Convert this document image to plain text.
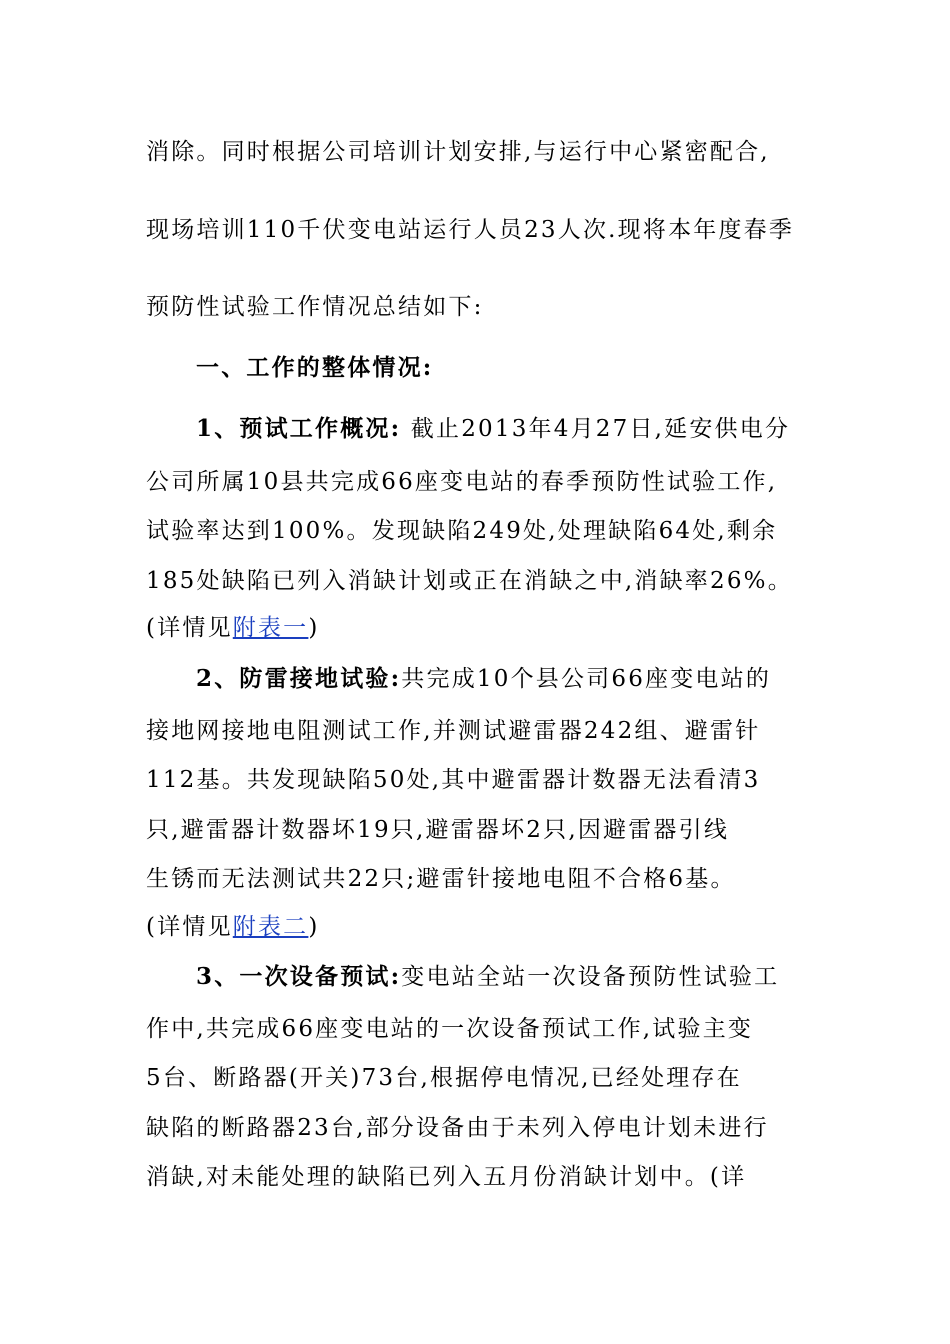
消除。同时根据公司培训计划安排,与运行中心紧密配合,
现场培训110千伏变电站运行人员23人次.现将本年度春季
预防性试验工作情况总结如下:
一、工作的整体情况:
1、预试工作概况: 截止2013年4月27日,延安供电分
公司所属10县共完成66座变电站的春季预防性试验工作,
试验率达到100%。发现缺陷249处,处理缺陷64处,剩余
185处缺陷已列入消缺计划或正在消缺之中,消缺率26%。
(详情见附表一)
2、防雷接地试验:共完成10个县公司66座变电站的
接地网接地电阻测试工作,并测试避雷器242组、避雷针
112基。共发现缺陷50处,其中避雷器计数器无法看清3
只,避雷器计数器坏19只,避雷器坏2只,因避雷器引线
生锈而无法测试共22只;避雷针接地电阻不合格6基。
(详情见附表二)
3、一次设备预试:变电站全站一次设备预防性试验工
作中,共完成66座变电站的一次设备预试工作,试验主变
5台、断路器(开关)73台,根据停电情况,已经处理存在
缺陷的断路器23台,部分设备由于未列入停电计划未进行
消缺,对未能处理的缺陷已列入五月份消缺计划中。(详
